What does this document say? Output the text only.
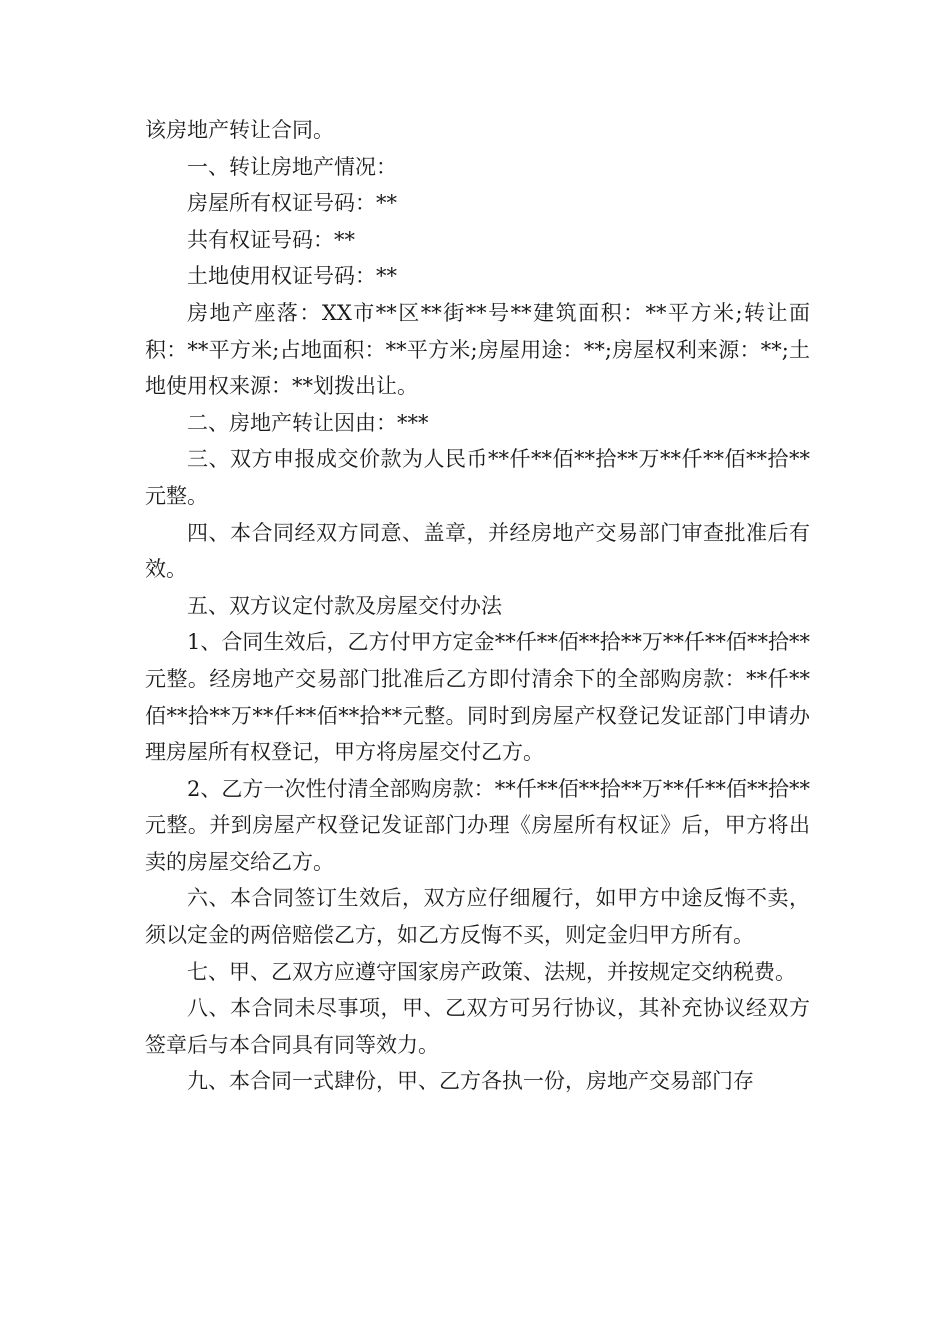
该房地产转让合同。

一、转让房地产情况：

房屋所有权证号码：**

共有权证号码：**

土地使用权证号码：**

房地产座落：XX市**区**街**号**建筑面积：**平方米;转让面积：**平方米;占地面积：**平方米;房屋用途：**;房屋权利来源：**;土地使用权来源：**划拨出让。

二、房地产转让因由：***

三、双方申报成交价款为人民币**仟**佰**拾**万**仟**佰**拾**元整。

四、本合同经双方同意、盖章，并经房地产交易部门审查批准后有效。

五、双方议定付款及房屋交付办法

1、合同生效后，乙方付甲方定金**仟**佰**拾**万**仟**佰**拾**元整。经房地产交易部门批准后乙方即付清余下的全部购房款：**仟**佰**拾**万**仟**佰**拾**元整。同时到房屋产权登记发证部门申请办理房屋所有权登记，甲方将房屋交付乙方。

2、乙方一次性付清全部购房款：**仟**佰**拾**万**仟**佰**拾**元整。并到房屋产权登记发证部门办理《房屋所有权证》后，甲方将出卖的房屋交给乙方。

六、本合同签订生效后，双方应仔细履行，如甲方中途反悔不卖，须以定金的两倍赔偿乙方，如乙方反悔不买，则定金归甲方所有。

七、甲、乙双方应遵守国家房产政策、法规，并按规定交纳税费。

八、本合同未尽事项，甲、乙双方可另行协议，其补充协议经双方签章后与本合同具有同等效力。

九、本合同一式肆份，甲、乙方各执一份，房地产交易部门存
